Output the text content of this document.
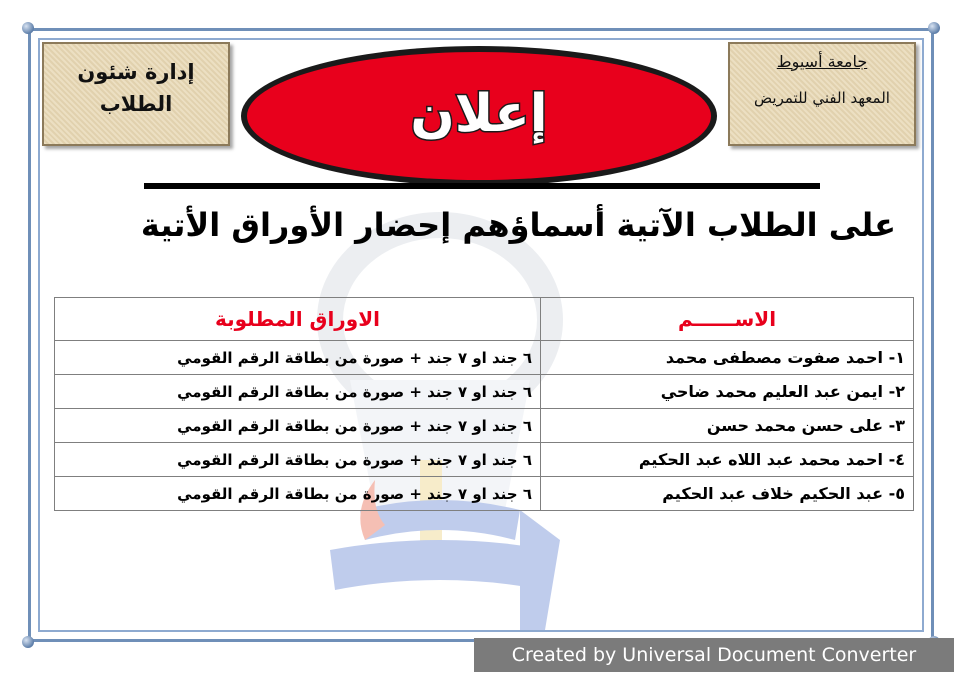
إدارة شئون
الطلاب
جامعة أسيوط
المعهد الفني للتمريض
إعلان
على الطلاب الآتية أسماؤهم إحضار الأوراق الأتية
الاســــــم	الاوراق المطلوبة
١- احمد صفوت مصطفى محمد	٦ جند او ٧ جند + صورة من بطاقة الرقم القومي
٢- ايمن عبد العليم محمد ضاحي	٦ جند او ٧ جند + صورة من بطاقة الرقم القومي
٣- على حسن محمد حسن	٦ جند او ٧ جند + صورة من بطاقة الرقم القومي
٤- احمد محمد عبد اللاه عبد الحكيم	٦ جند او ٧ جند + صورة من بطاقة الرقم القومي
٥- عبد الحكيم خلاف عبد الحكيم	٦ جند او ٧ جند + صورة من بطاقة الرقم القومي
Created by Universal Document Converter
